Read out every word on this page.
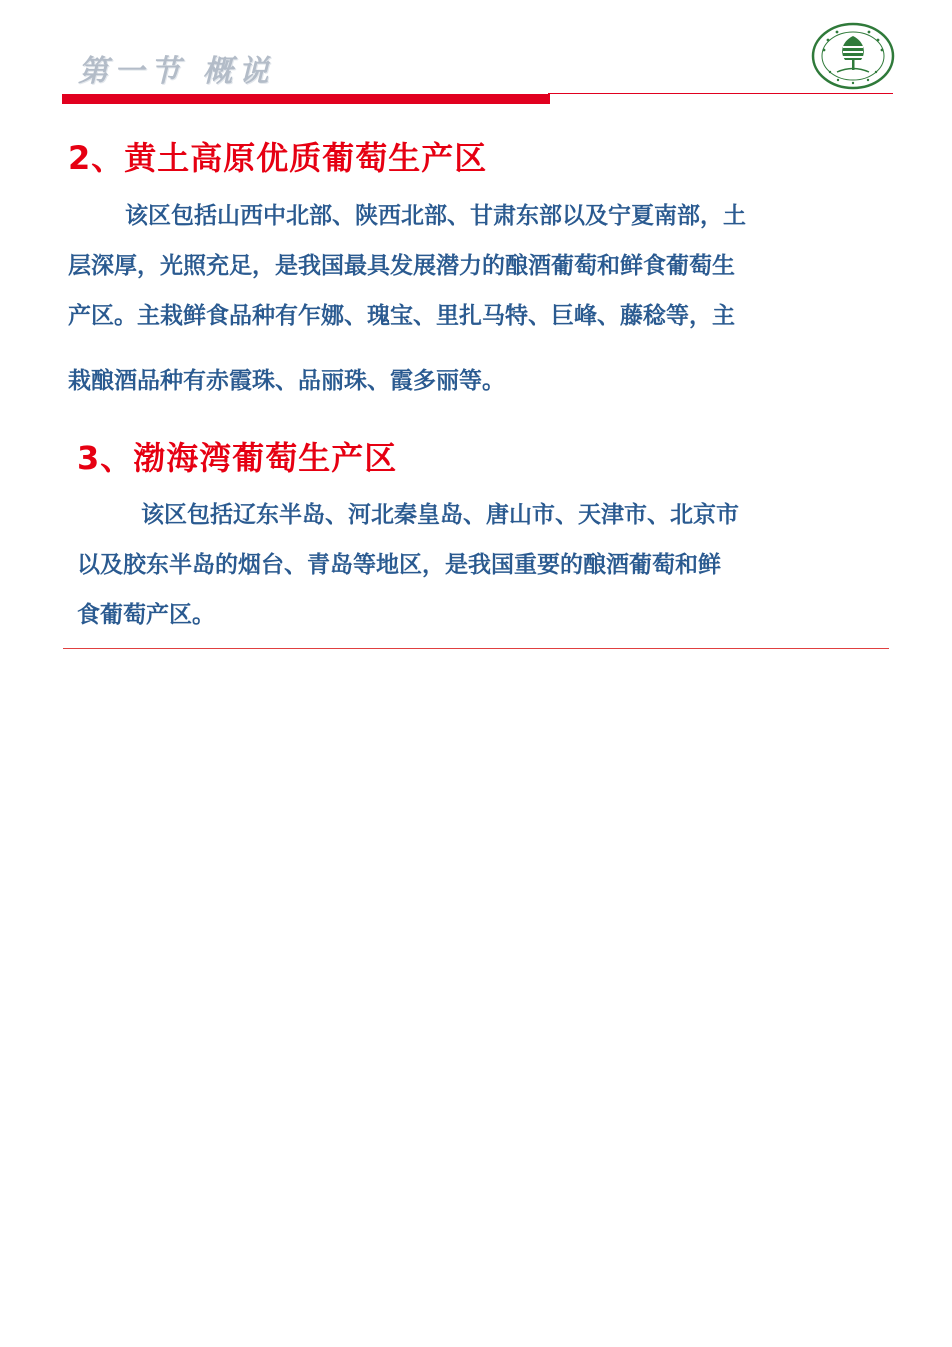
第一节 概说
2、黄土高原优质葡萄生产区
该区包括山西中北部、陕西北部、甘肃东部以及宁夏南部，土
层深厚，光照充足，是我国最具发展潜力的酿酒葡萄和鲜食葡萄生
产区。主栽鲜食品种有乍娜、瑰宝、里扎马特、巨峰、藤稔等，主
栽酿酒品种有赤霞珠、品丽珠、霞多丽等。
3、渤海湾葡萄生产区
该区包括辽东半岛、河北秦皇岛、唐山市、天津市、北京市
以及胶东半岛的烟台、青岛等地区，是我国重要的酿酒葡萄和鲜
食葡萄产区。
